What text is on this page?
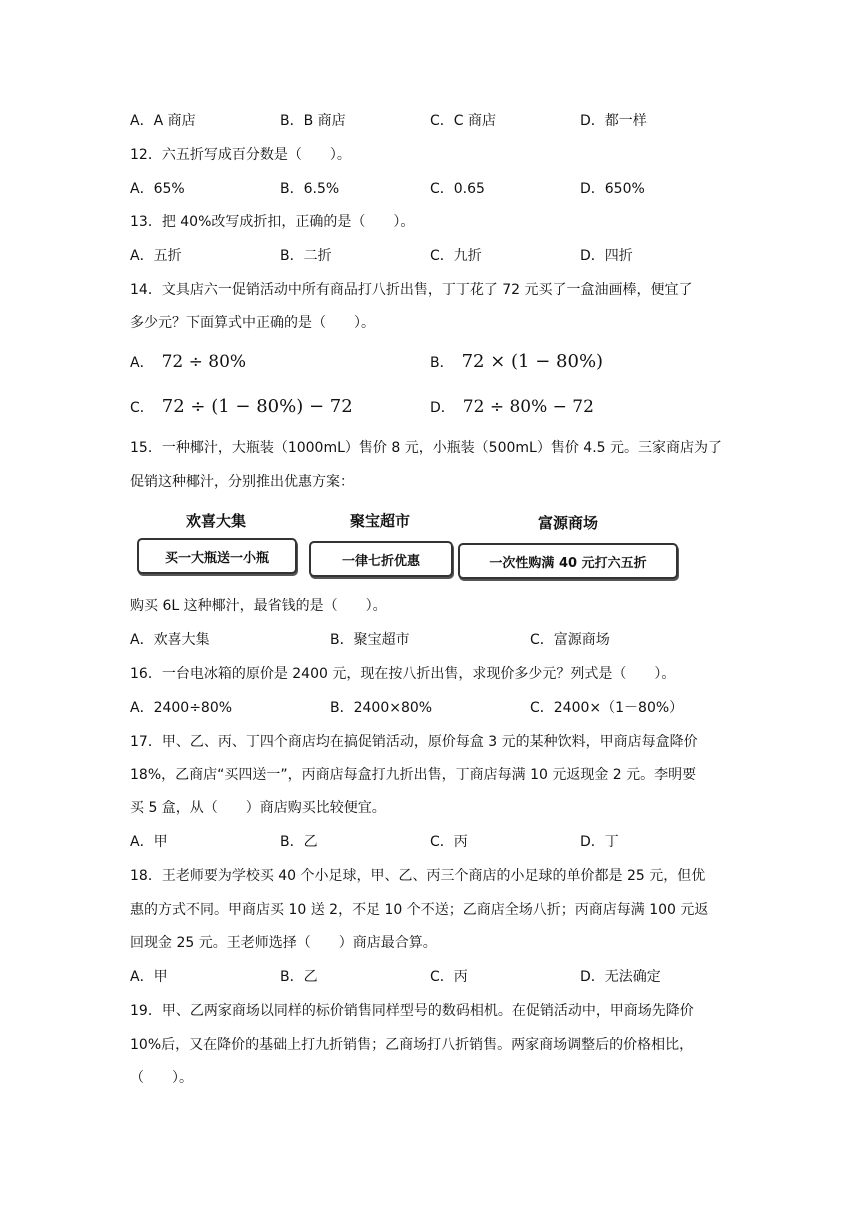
A．A 商店	B．B 商店	C．C 商店	D．都一样
12．六五折写成百分数是（　　）。
A．65%	B．6.5%	C．0.65	D．650%
13．把 40%改写成折扣，正确的是（　　）。
A．五折	B．二折	C．九折	D．四折
14．文具店六一促销活动中所有商品打八折出售，丁丁花了 72 元买了一盒油画棒，便宜了
多少元？下面算式中正确的是（　　）。
A． 72 ÷ 80%	B． 72 × (1 − 80%)
C． 72 ÷ (1 − 80%) − 72	D． 72 ÷ 80% − 72
15．一种椰汁，大瓶装（1000mL）售价 8 元，小瓶装（500mL）售价 4.5 元。三家商店为了
促销这种椰汁，分别推出优惠方案：
欢喜大集	聚宝超市	富源商场
买一大瓶送一小瓶	一律七折优惠	一次性购满 40 元打六五折
购买 6L 这种椰汁，最省钱的是（　　）。
A．欢喜大集	B．聚宝超市	C．富源商场
16．一台电冰箱的原价是 2400 元，现在按八折出售，求现价多少元？列式是（　　）。
A．2400÷80%	B．2400×80%	C．2400×（1－80%）
17．甲、乙、丙、丁四个商店均在搞促销活动，原价每盒 3 元的某种饮料，甲商店每盒降价
18%，乙商店“买四送一”，丙商店每盒打九折出售，丁商店每满 10 元返现金 2 元。李明要
买 5 盒，从（　　）商店购买比较便宜。
A．甲	B．乙	C．丙	D．丁
18．王老师要为学校买 40 个小足球，甲、乙、丙三个商店的小足球的单价都是 25 元，但优
惠的方式不同。甲商店买 10 送 2，不足 10 个不送；乙商店全场八折；丙商店每满 100 元返
回现金 25 元。王老师选择（　　）商店最合算。
A．甲	B．乙	C．丙	D．无法确定
19．甲、乙两家商场以同样的标价销售同样型号的数码相机。在促销活动中，甲商场先降价
10%后，又在降价的基础上打九折销售；乙商场打八折销售。两家商场调整后的价格相比，
（　　）。
